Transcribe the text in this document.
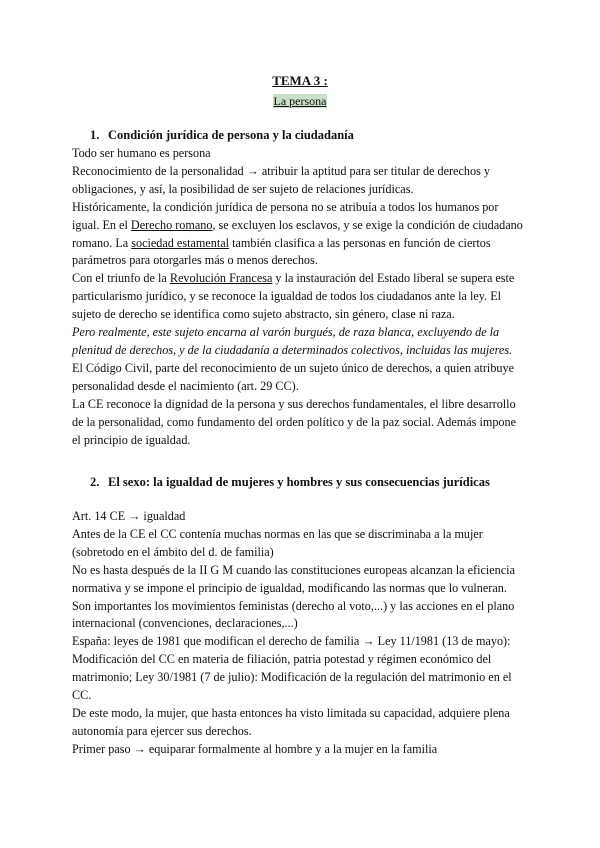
TEMA 3 :
La persona
1. Condición jurídica de persona y la ciudadanía

Todo ser humano es persona

Reconocimiento de la personalidad → atribuir la aptitud para ser titular de derechos y obligaciones, y así, la posibilidad de ser sujeto de relaciones jurídicas.

Históricamente, la condición jurídica de persona no se atribuía a todos los humanos por igual. En el Derecho romano, se excluyen los esclavos, y se exige la condición de ciudadano romano. La sociedad estamental también clasifica a las personas en función de ciertos parámetros para otorgarles más o menos derechos.

Con el triunfo de la Revolución Francesa y la instauración del Estado liberal se supera este particularismo jurídico, y se reconoce la igualdad de todos los ciudadanos ante la ley. El sujeto de derecho se identifica como sujeto abstracto, sin género, clase ni raza.

Pero realmente, este sujeto encarna al varón burgués, de raza blanca, excluyendo de la plenitud de derechos, y de la ciudadanía a determinados colectivos, incluidas las mujeres.

El Código Civil, parte del reconocimiento de un sujeto único de derechos, a quien atribuye personalidad desde el nacimiento (art. 29 CC).

La CE reconoce la dignidad de la persona y sus derechos fundamentales, el libre desarrollo de la personalidad, como fundamento del orden político y de la paz social. Además impone el principio de igualdad.

2. El sexo: la igualdad de mujeres y hombres y sus consecuencias jurídicas

Art. 14 CE → igualdad

Antes de la CE el CC contenía muchas normas en las que se discriminaba a la mujer (sobretodo en el ámbito del d. de familia)

No es hasta después de la II G M cuando las constituciones europeas alcanzan la eficiencia normativa y se impone el principio de igualdad, modificando las normas que lo vulneran.

Son importantes los movimientos feministas (derecho al voto,...) y las acciones en el plano internacional (convenciones, declaraciones,...)

España: leyes de 1981 que modifican el derecho de familia → Ley 11/1981 (13 de mayo): Modificación del CC en materia de filiación, patria potestad y régimen económico del matrimonio; Ley 30/1981 (7 de julio): Modificación de la regulación del matrimonio en el CC.

De este modo, la mujer, que hasta entonces ha visto limitada su capacidad, adquiere plena autonomía para ejercer sus derechos.

Primer paso → equiparar formalmente al hombre y a la mujer en la familia
